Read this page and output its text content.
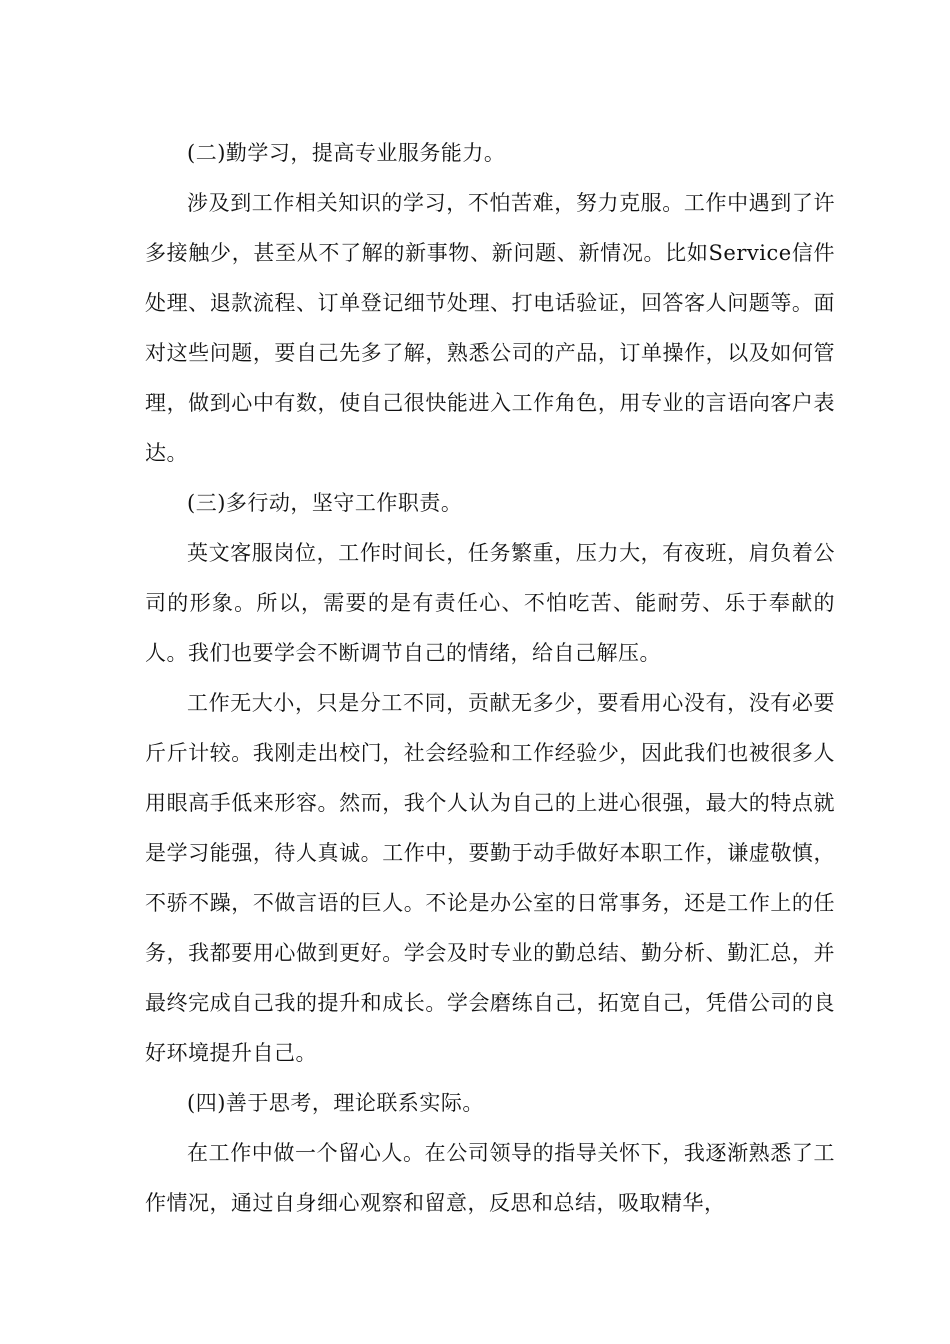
(二)勤学习，提高专业服务能力。

涉及到工作相关知识的学习，不怕苦难，努力克服。工作中遇到了许多接触少，甚至从不了解的新事物、新问题、新情况。比如Service信件处理、退款流程、订单登记细节处理、打电话验证，回答客人问题等。面对这些问题，要自己先多了解，熟悉公司的产品，订单操作，以及如何管理，做到心中有数，使自己很快能进入工作角色，用专业的言语向客户表达。

(三)多行动，坚守工作职责。

英文客服岗位，工作时间长，任务繁重，压力大，有夜班，肩负着公司的形象。所以，需要的是有责任心、不怕吃苦、能耐劳、乐于奉献的人。我们也要学会不断调节自己的情绪，给自己解压。

工作无大小，只是分工不同，贡献无多少，要看用心没有，没有必要斤斤计较。我刚走出校门，社会经验和工作经验少，因此我们也被很多人用眼高手低来形容。然而，我个人认为自己的上进心很强，最大的特点就是学习能强，待人真诚。工作中，要勤于动手做好本职工作，谦虚敬慎，不骄不躁，不做言语的巨人。不论是办公室的日常事务，还是工作上的任务，我都要用心做到更好。学会及时专业的勤总结、勤分析、勤汇总，并最终完成自己我的提升和成长。学会磨练自己，拓宽自己，凭借公司的良好环境提升自己。

(四)善于思考，理论联系实际。

在工作中做一个留心人。在公司领导的指导关怀下，我逐渐熟悉了工作情况，通过自身细心观察和留意，反思和总结，吸取精华，
